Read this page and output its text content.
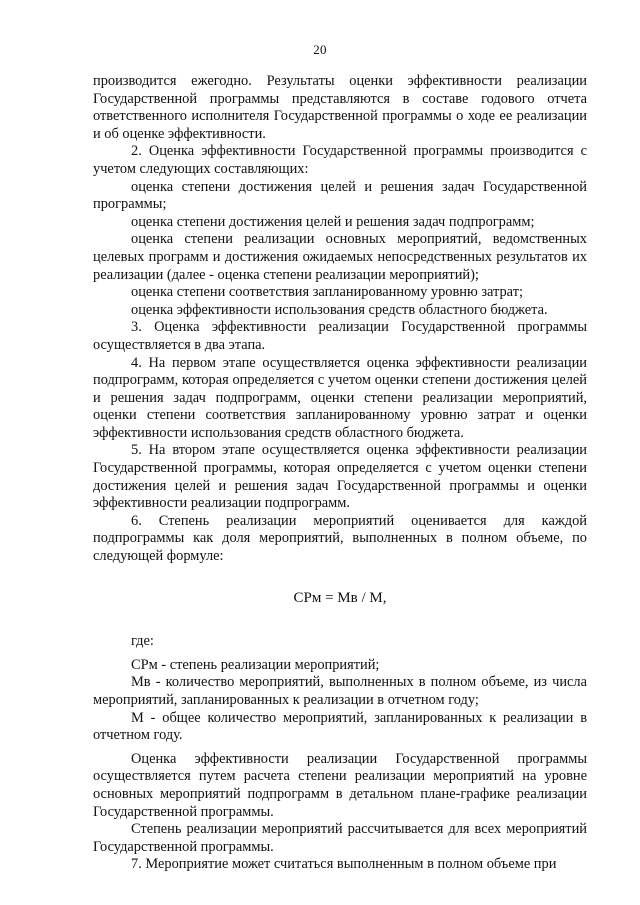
20

производится ежегодно. Результаты оценки эффективности реализации Государственной программы представляются в составе годового отчета ответственного исполнителя Государственной программы о ходе ее реализации и об оценке эффективности.

2. Оценка эффективности Государственной программы производится с учетом следующих составляющих:

оценка степени достижения целей и решения задач Государственной программы;

оценка степени достижения целей и решения задач подпрограмм;

оценка степени реализации основных мероприятий, ведомственных целевых программ и достижения ожидаемых непосредственных результатов их реализации (далее - оценка степени реализации мероприятий);

оценка степени соответствия запланированному уровню затрат;

оценка эффективности использования средств областного бюджета.

3. Оценка эффективности реализации Государственной программы осуществляется в два этапа.

4. На первом этапе осуществляется оценка эффективности реализации подпрограмм, которая определяется с учетом оценки степени достижения целей и решения задач подпрограмм, оценки степени реализации мероприятий, оценки степени соответствия запланированному уровню затрат и оценки эффективности использования средств областного бюджета.

5. На втором этапе осуществляется оценка эффективности реализации Государственной программы, которая определяется с учетом оценки степени достижения целей и решения задач Государственной программы и оценки эффективности реализации подпрограмм.

6. Степень реализации мероприятий оценивается для каждой подпрограммы как доля мероприятий, выполненных в полном объеме, по следующей формуле:

СРм = Мв / М,

где:

СРм - степень реализации мероприятий;

Мв - количество мероприятий, выполненных в полном объеме, из числа мероприятий, запланированных к реализации в отчетном году;

М - общее количество мероприятий, запланированных к реализации в отчетном году.

Оценка эффективности реализации Государственной программы осуществляется путем расчета степени реализации мероприятий на уровне основных мероприятий подпрограмм в детальном плане-графике реализации Государственной программы.

Степень реализации мероприятий рассчитывается для всех мероприятий Государственной программы.

7. Мероприятие может считаться выполненным в полном объеме при
